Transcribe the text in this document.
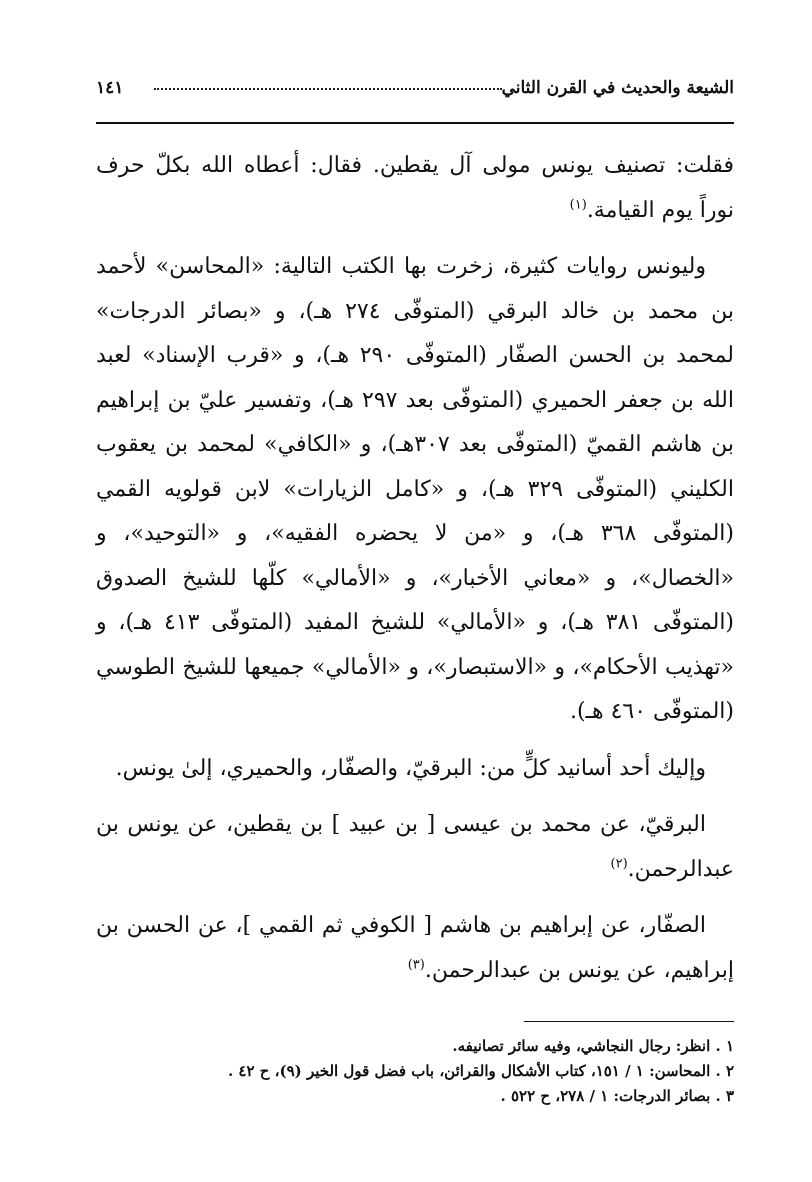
الشيعة والحديث في القرن الثاني
١٤١

فقلت: تصنيف يونس مولى آل يقطين. فقال: أعطاه الله بكلّ حرف نوراً يوم القيامة.$^{(١)}$

وليونس روايات كثيرة، زخرت بها الكتب التالية: «المحاسن» لأحمد بن محمد بن خالد البرقي (المتوفّى ٢٧٤ هـ)، و «بصائر الدرجات» لمحمد بن الحسن الصفّار (المتوفّى ٢٩٠ هـ)، و «قرب الإسناد» لعبد الله بن جعفر الحميري (المتوفّى بعد ٢٩٧ هـ)، وتفسير عليّ بن إبراهيم بن هاشم القميّ (المتوفّى بعد ٣٠٧هـ)، و «الكافي» لمحمد بن يعقوب الكليني (المتوفّى ٣٢٩ هـ)، و «كامل الزيارات» لابن قولويه القمي (المتوفّى ٣٦٨ هـ)، و «من لا يحضره الفقيه»، و «التوحيد»، و «الخصال»، و «معاني الأخبار»، و «الأمالي» كلّها للشيخ الصدوق (المتوفّى ٣٨١ هـ)، و «الأمالي» للشيخ المفيد (المتوفّى ٤١٣ هـ)، و «تهذيب الأحكام»، و «الاستبصار»، و «الأمالي» جميعها للشيخ الطوسي (المتوفّى ٤٦٠ هـ).

وإليك أحد أسانيد كلٍّ من: البرقيّ، والصفّار، والحميري، إلىٰ يونس.

البرقيّ، عن محمد بن عيسى [ بن عبيد ] بن يقطين، عن يونس بن عبدالرحمن.$^{(٢)}$

الصفّار، عن إبراهيم بن هاشم [ الكوفي ثم القمي ]، عن الحسن بن إبراهيم، عن يونس بن عبدالرحمن.$^{(٣)}$

١ . انظر: رجال النجاشي، وفيه سائر تصانيفه.
٢ . المحاسن: ١ / ١٥١، كتاب الأشكال والقرائن، باب فضل قول الخير (٩)، ح ٤٢ .
٣ . بصائر الدرجات: ١ / ٢٧٨، ح ٥٢٢ .
